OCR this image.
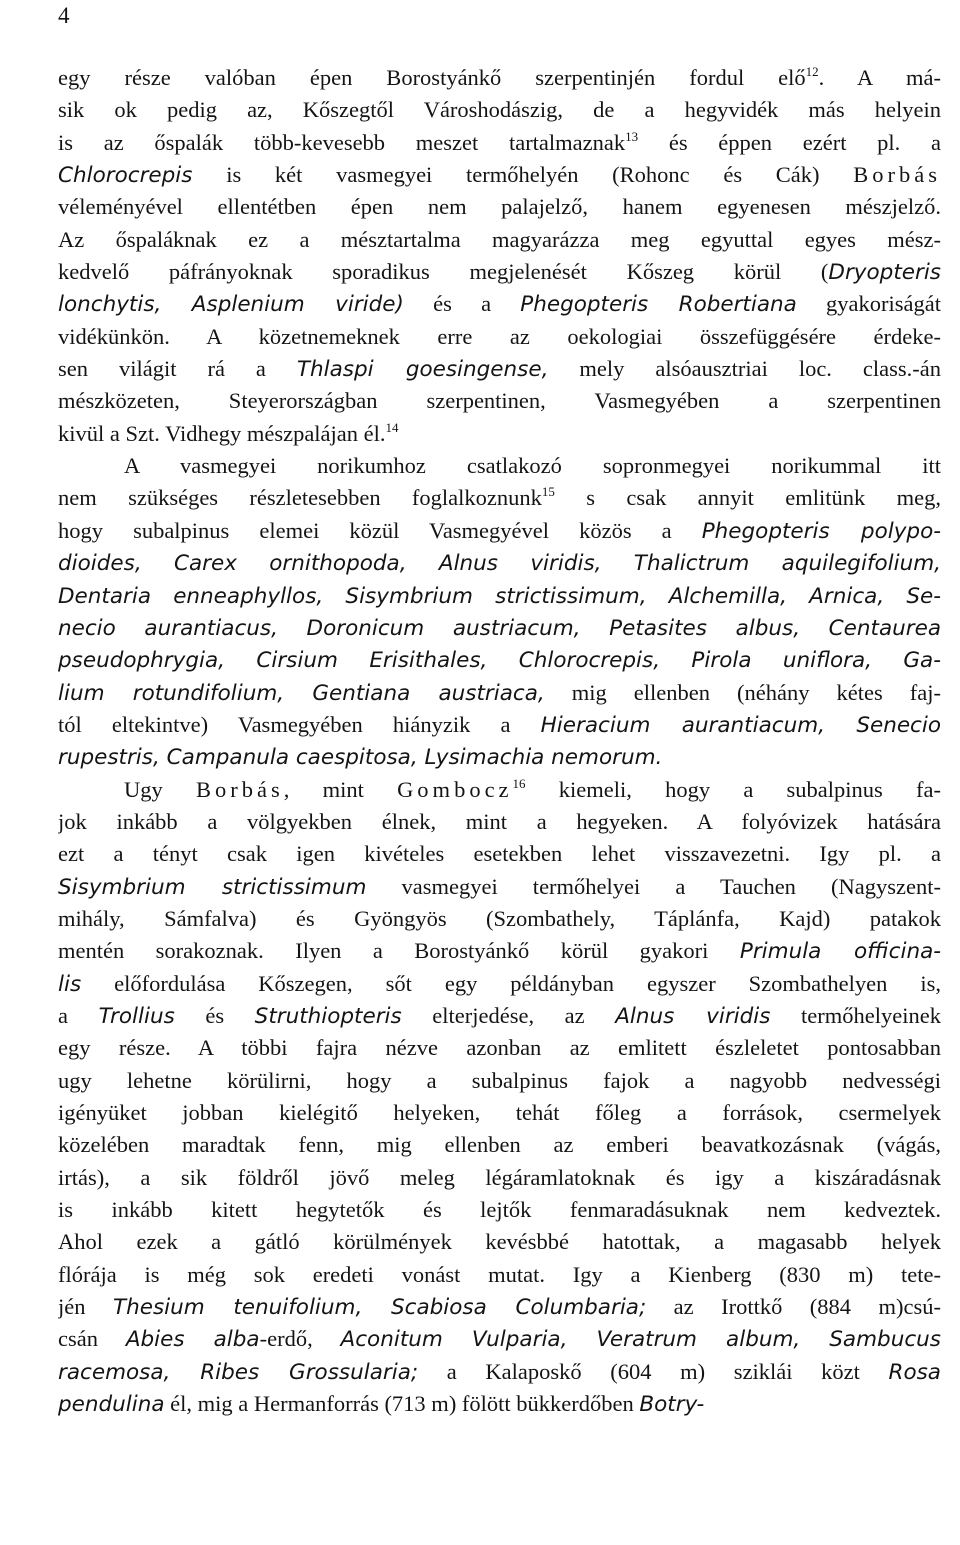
4
egy része valóban épen Borostyánkő szerpentinjén fordul elő$^{12}$. A má-
sik ok pedig az, Kőszegtől Városhodászig, de a hegyvidék más helyein
is az őspalák több-kevesebb meszet tartalmaznak$^{13}$ és éppen ezért pl. a
Chlorocrepis is két vasmegyei termőhelyén (Rohonc és Cák) Borbás
véleményével ellentétben épen nem palajelző, hanem egyenesen mészjelző.
Az őspaláknak ez a mésztartalma magyarázza meg egyuttal egyes mész-
kedvelő páfrányoknak sporadikus megjelenését Kőszeg körül (Dryopteris
lonchytis, Asplenium viride) és a Phegopteris Robertiana gyakoriságát
vidékünkön. A közetnemeknek erre az oekologiai összefüggésére érdeke-
sen világit rá a Thlaspi goesingense, mely alsóausztriai loc. class.-án
mészközeten, Steyerországban szerpentinen, Vasmegyében a szerpentinen
kivül a Szt. Vidhegy mészpalájan él.$^{14}$
A vasmegyei norikumhoz csatlakozó sopronmegyei norikummal itt
nem szükséges részletesebben foglalkoznunk$^{15}$ s csak annyit emlitünk meg,
hogy subalpinus elemei közül Vasmegyével közös a Phegopteris polypo-
dioides, Carex ornithopoda, Alnus viridis, Thalictrum aquilegifolium,
Dentaria enneaphyllos, Sisymbrium strictissimum, Alchemilla, Arnica, Se-
necio aurantiacus, Doronicum austriacum, Petasites albus, Centaurea
pseudophrygia, Cirsium Erisithales, Chlorocrepis, Pirola uniflora, Ga-
lium rotundifolium, Gentiana austriaca, mig ellenben (néhány kétes faj-
tól eltekintve) Vasmegyében hiányzik a Hieracium aurantiacum, Senecio
rupestris, Campanula caespitosa, Lysimachia nemorum.
Ugy Borbás, mint Gombocz$^{16}$ kiemeli, hogy a subalpinus fa-
jok inkább a völgyekben élnek, mint a hegyeken. A folyóvizek hatására
ezt a tényt csak igen kivételes esetekben lehet visszavezetni. Igy pl. a
Sisymbrium strictissimum vasmegyei termőhelyei a Tauchen (Nagyszent-
mihály, Sámfalva) és Gyöngyös (Szombathely, Táplánfa, Kajd) patakok
mentén sorakoznak. Ilyen a Borostyánkő körül gyakori Primula officina-
lis előfordulása Kőszegen, sőt egy példányban egyszer Szombathelyen is,
a Trollius és Struthiopteris elterjedése, az Alnus viridis termőhelyeinek
egy része. A többi fajra nézve azonban az emlitett észleletet pontosabban
ugy lehetne körülirni, hogy a subalpinus fajok a nagyobb nedvességi
igényüket jobban kielégitő helyeken, tehát főleg a források, csermelyek
közelében maradtak fenn, mig ellenben az emberi beavatkozásnak (vágás,
irtás), a sik földről jövő meleg légáramlatoknak és igy a kiszáradásnak
is inkább kitett hegytetők és lejtők fenmaradásuknak nem kedveztek.
Ahol ezek a gátló körülmények kevésbbé hatottak, a magasabb helyek
flórája is még sok eredeti vonást mutat. Igy a Kienberg (830 m) tete-
jén Thesium tenuifolium, Scabiosa Columbaria; az Irottkő (884 m)csú-
csán Abies alba-erdő, Aconitum Vulparia, Veratrum album, Sambucus
racemosa, Ribes Grossularia; a Kalaposkő (604 m) sziklái közt Rosa
pendulina él, mig a Hermanforrás (713 m) fölött bükkerdőben Botry-
